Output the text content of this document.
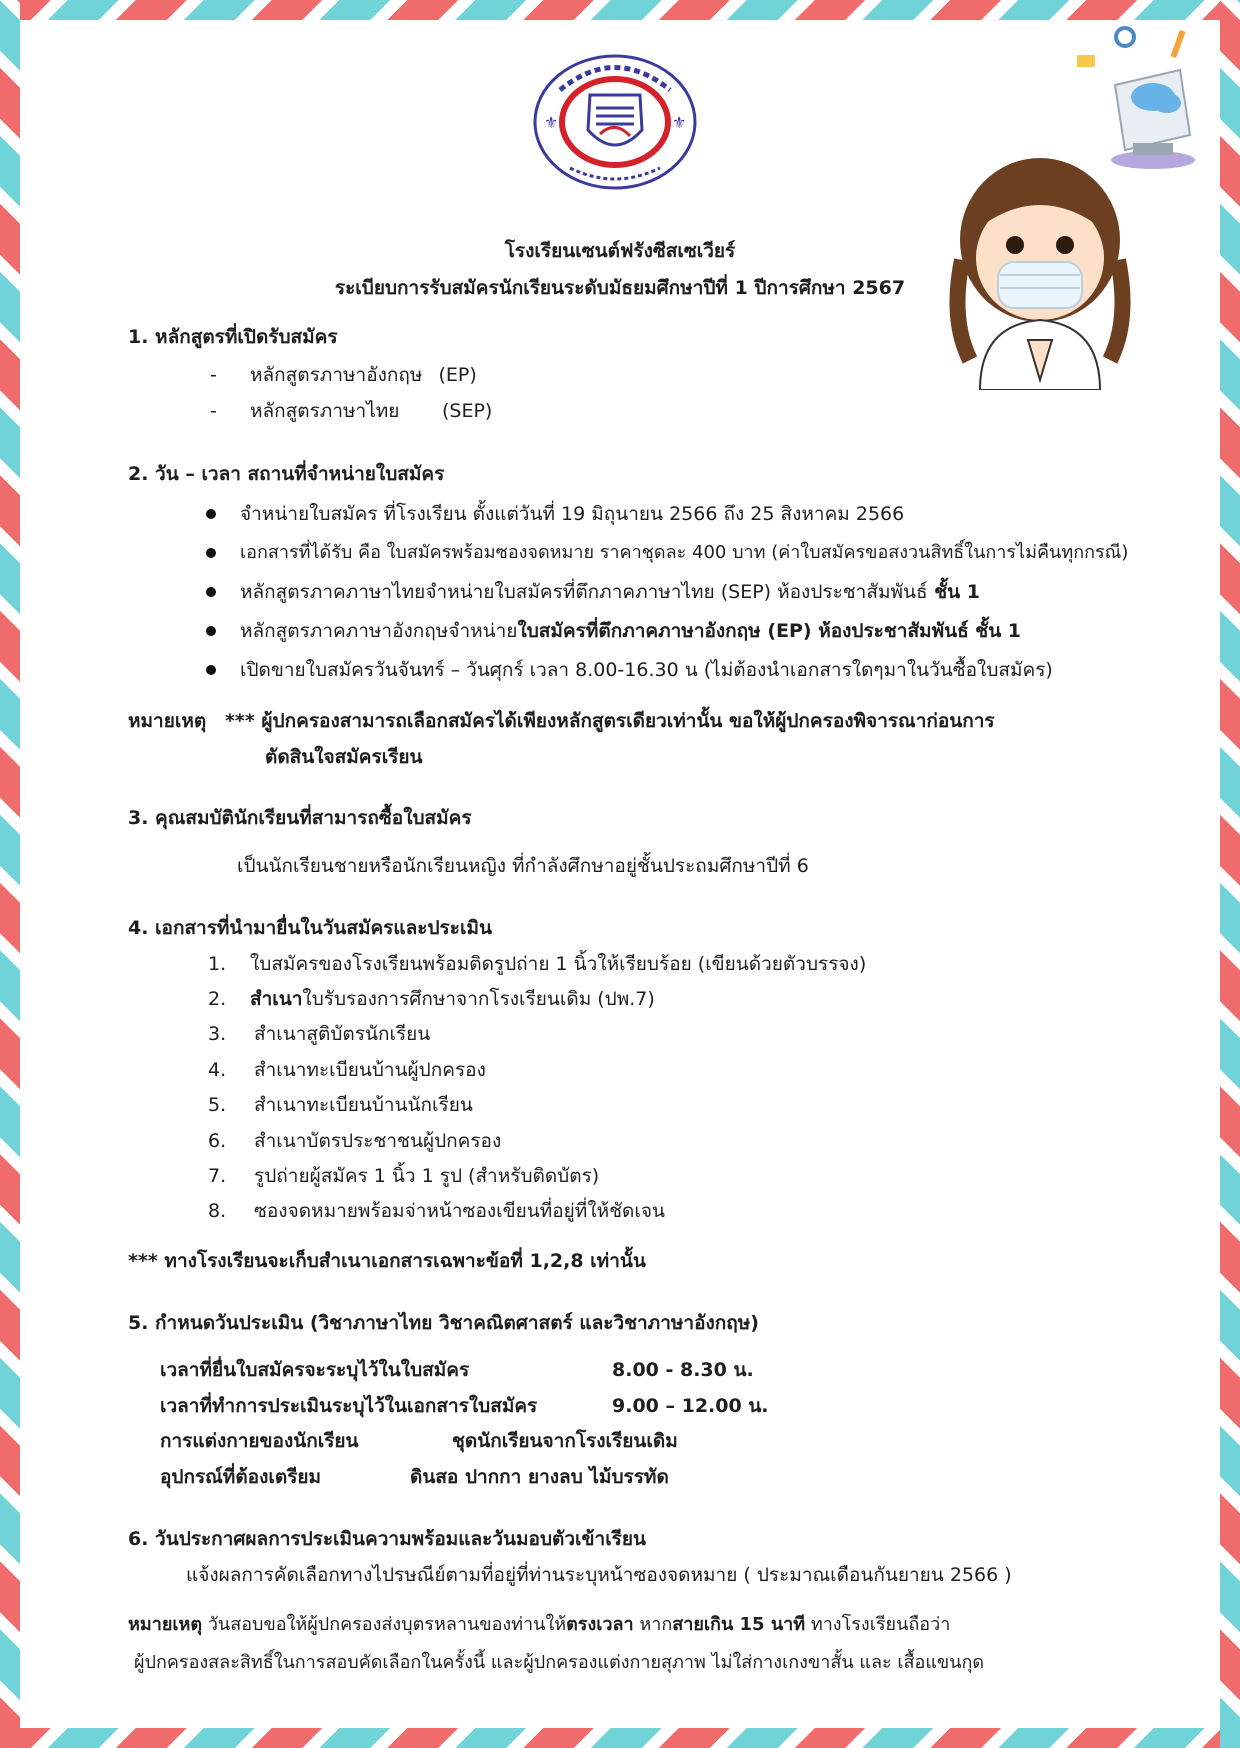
⚜	⚜
โรงเรียนเซนต์ฟรังซีสเซเวียร์
ระเบียบการรับสมัครนักเรียนระดับมัธยมศึกษาปีที่ 1 ปีการศึกษา 2567
1. หลักสูตรที่เปิดรับสมัคร
- หลักสูตรภาษาอังกฤษ (EP)
- หลักสูตรภาษาไทย (SEP)
2. วัน – เวลา สถานที่จำหน่ายใบสมัคร
จำหน่ายใบสมัคร ที่โรงเรียน ตั้งแต่วันที่ 19 มิถุนายน 2566 ถึง 25 สิงหาคม 2566
เอกสารที่ได้รับ คือ ใบสมัครพร้อมซองจดหมาย ราคาชุดละ 400 บาท (ค่าใบสมัครขอสงวนสิทธิ์ในการไม่คืนทุกกรณี)
หลักสูตรภาคภาษาไทยจำหน่ายใบสมัครที่ตึกภาคภาษาไทย (SEP) ห้องประชาสัมพันธ์ ชั้น 1
หลักสูตรภาคภาษาอังกฤษจำหน่ายใบสมัครที่ตึกภาคภาษาอังกฤษ (EP) ห้องประชาสัมพันธ์ ชั้น 1
เปิดขายใบสมัครวันจันทร์ – วันศุกร์ เวลา 8.00-16.30 น (ไม่ต้องนำเอกสารใดๆมาในวันซื้อใบสมัคร)
หมายเหตุ *** ผู้ปกครองสามารถเลือกสมัครได้เพียงหลักสูตรเดียวเท่านั้น ขอให้ผู้ปกครองพิจารณาก่อนการ
ตัดสินใจสมัครเรียน
3. คุณสมบัตินักเรียนที่สามารถซื้อใบสมัคร
เป็นนักเรียนชายหรือนักเรียนหญิง ที่กำลังศึกษาอยู่ชั้นประถมศึกษาปีที่ 6
4. เอกสารที่นำมายื่นในวันสมัครและประเมิน
1. ใบสมัครของโรงเรียนพร้อมติดรูปถ่าย 1 นิ้วให้เรียบร้อย (เขียนด้วยตัวบรรจง)
2. สำเนาใบรับรองการศึกษาจากโรงเรียนเดิม (ปพ.7)
3. สำเนาสูติบัตรนักเรียน
4. สำเนาทะเบียนบ้านผู้ปกครอง
5. สำเนาทะเบียนบ้านนักเรียน
6. สำเนาบัตรประชาชนผู้ปกครอง
7. รูปถ่ายผู้สมัคร 1 นิ้ว 1 รูป (สำหรับติดบัตร)
8. ซองจดหมายพร้อมจ่าหน้าซองเขียนที่อยู่ที่ให้ชัดเจน
*** ทางโรงเรียนจะเก็บสำเนาเอกสารเฉพาะข้อที่ 1,2,8 เท่านั้น
5. กำหนดวันประเมิน (วิชาภาษาไทย วิชาคณิตศาสตร์ และวิชาภาษาอังกฤษ)
เวลาที่ยื่นใบสมัครจะระบุไว้ในใบสมัคร	8.00 - 8.30 น.
เวลาที่ทำการประเมินระบุไว้ในเอกสารใบสมัคร	9.00 – 12.00 น.
การแต่งกายของนักเรียน	ชุดนักเรียนจากโรงเรียนเดิม
อุปกรณ์ที่ต้องเตรียม	ดินสอ ปากกา ยางลบ ไม้บรรทัด
6. วันประกาศผลการประเมินความพร้อมและวันมอบตัวเข้าเรียน
แจ้งผลการคัดเลือกทางไปรษณีย์ตามที่อยู่ที่ท่านระบุหน้าซองจดหมาย ( ประมาณเดือนกันยายน 2566 )
หมายเหตุ วันสอบขอให้ผู้ปกครองส่งบุตรหลานของท่านให้ตรงเวลา หากสายเกิน 15 นาที ทางโรงเรียนถือว่า
ผู้ปกครองสละสิทธิ์ในการสอบคัดเลือกในครั้งนี้ และผู้ปกครองแต่งกายสุภาพ ไม่ใส่กางเกงขาสั้น และ เสื้อแขนกุด
